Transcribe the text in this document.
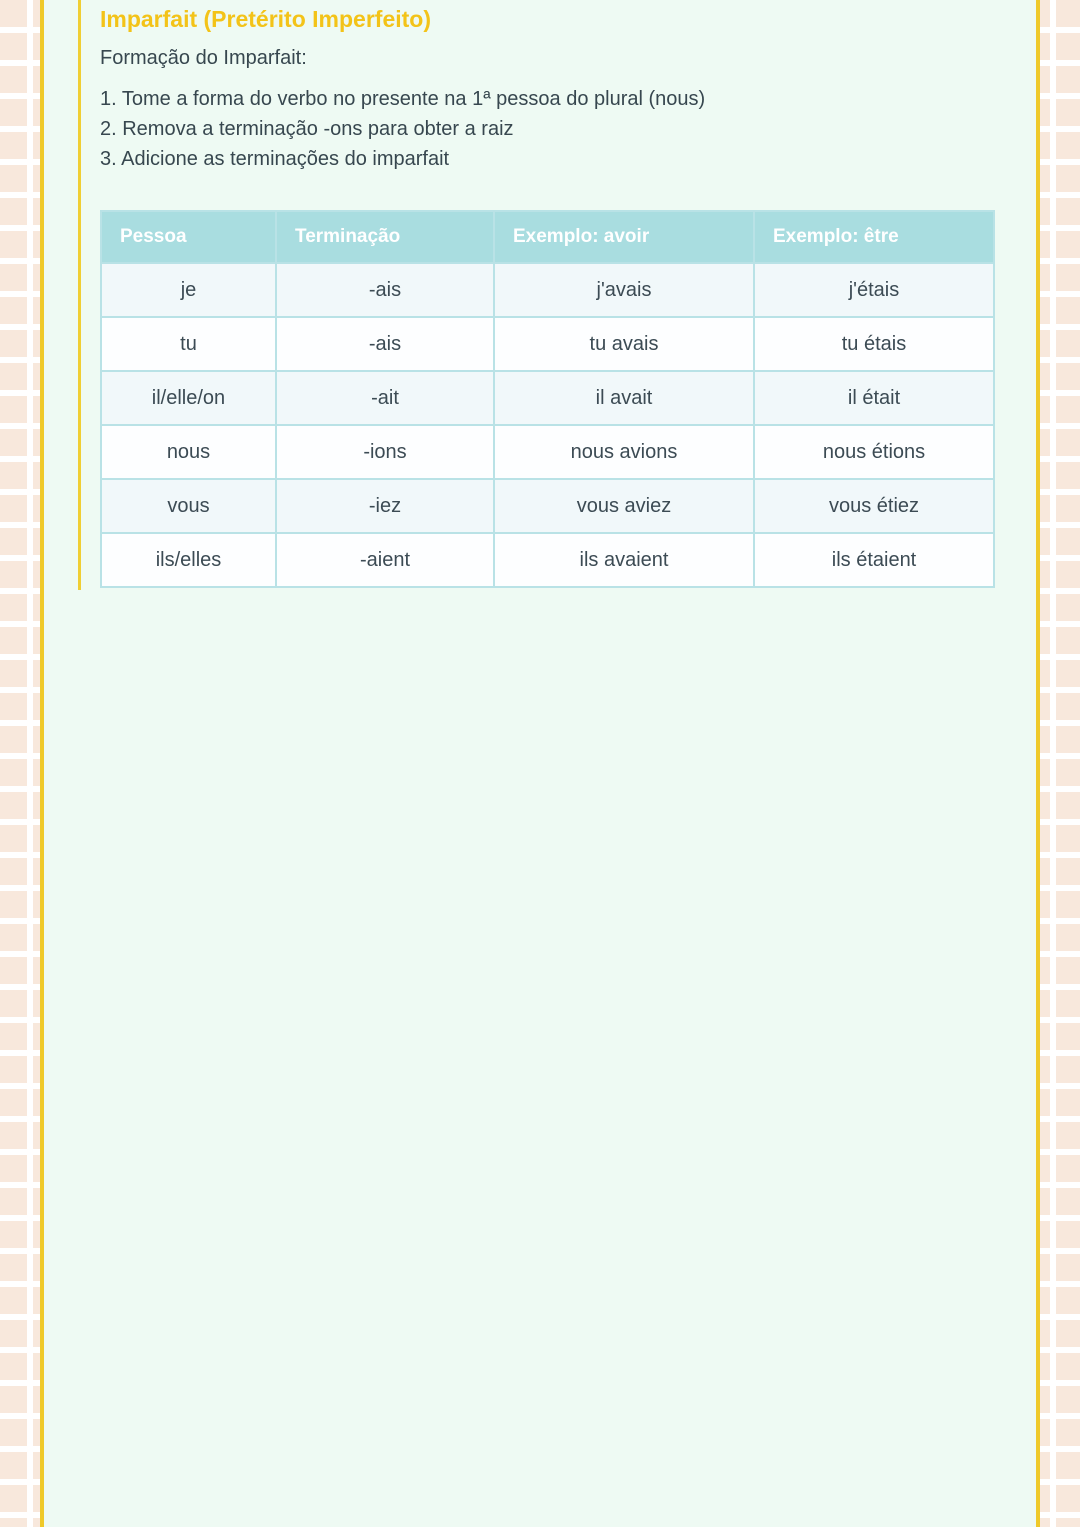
Imparfait (Pretérito Imperfeito)

Formação do Imparfait:

1. Tome a forma do verbo no presente na 1ª pessoa do plural (nous)

2. Remova a terminação -ons para obter a raiz

3. Adicione as terminações do imparfait

Pessoa	Terminação	Exemplo: avoir	Exemplo: être
je	-ais	j'avais	j'étais
tu	-ais	tu avais	tu étais
il/elle/on	-ait	il avait	il était
nous	-ions	nous avions	nous étions
vous	-iez	vous aviez	vous étiez
ils/elles	-aient	ils avaient	ils étaient
